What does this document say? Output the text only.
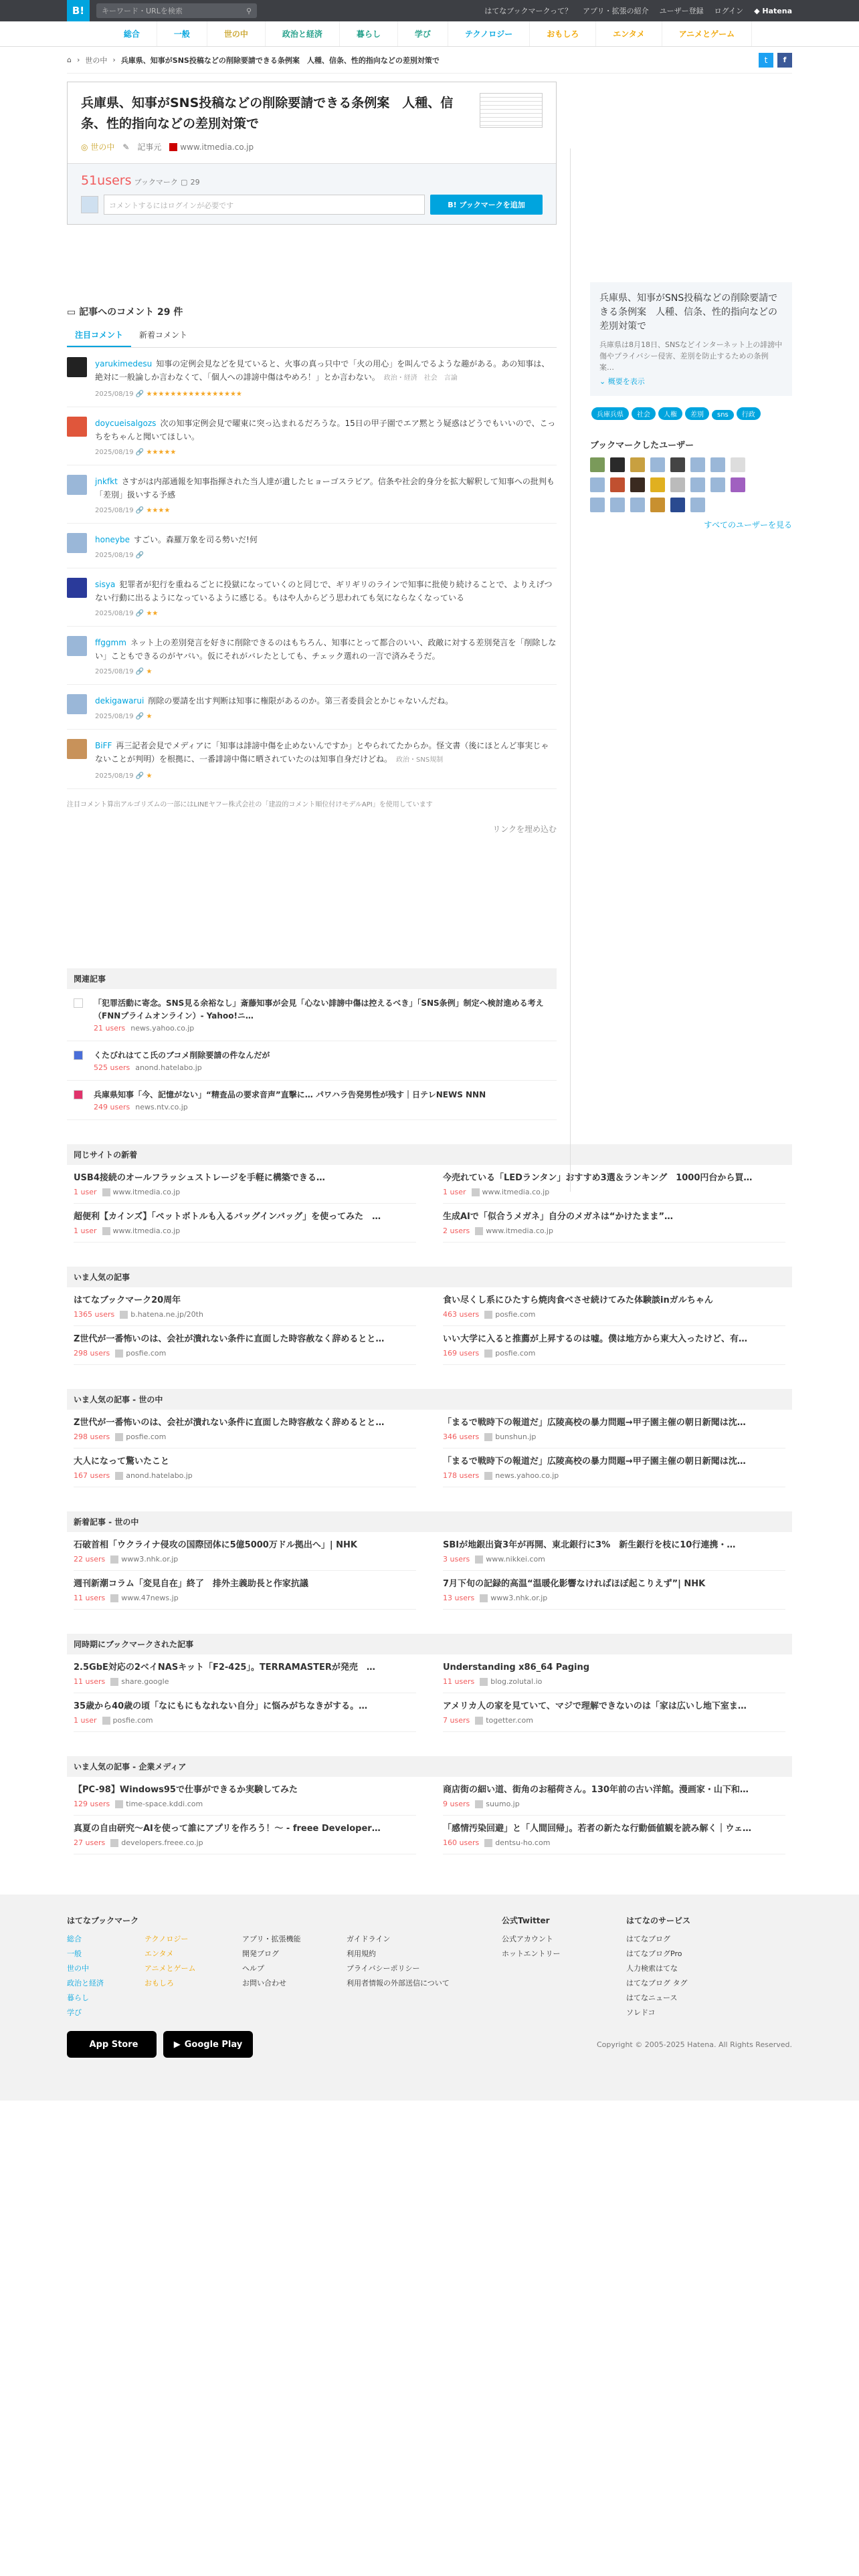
B!	キーワード・URLを検索	⚲	はてなブックマークって？ アプリ・拡張の紹介 ユーザー登録 ログイン ◆ Hatena
総合	一般	世の中	政治と経済	暮らし	学び	テクノロジー	おもしろ	エンタメ	アニメとゲーム
⌂ › 世の中 › 兵庫県、知事がSNS投稿などの削除要請できる条例案　人種、信条、性的指向などの差別対策で	t	f
兵庫県、知事がSNS投稿などの削除要請できる条例案　人種、信条、性的指向などの差別対策で
◎ 世の中 ✎ 記事元	www.itmedia.co.jp
51users ブックマーク ▢ 29
コメントするにはログインが必要です	B! ブックマークを追加
▭ 記事へのコメント 29 件
注目コメント	新着コメント
yarukimedesu 知事の定例会見などを見ていると、火事の真っ只中で「火の用心」を叫んでるような趣がある。あの知事は、絶対に一般論しか言わなくて、「個人への誹謗中傷はやめろ！」とか言わない。 政治・経済　社会　言論
2025/08/19 🔗 ★★★★★★★★★★★★★★★★
doycueisalgozs 次の知事定例会見で曜東に突っ込まれるだろうな。15日の甲子園でエア黙とう疑惑はどうでもいいので、こっちをちゃんと聞いてほしい。
2025/08/19 🔗 ★★★★★
jnkfkt さすがは内部通報を知事指揮された当人達が遺したヒョーゴスラビア。信条や社会的身分を拡大解釈して知事への批判も「差別」扱いする予感
2025/08/19 🔗 ★★★★
honeybe すごい。森羅万象を司る勢いだ!何
2025/08/19 🔗
sisya 犯罪者が犯行を重ねるごとに投獄になっていくのと同じで、ギリギリのラインで知事に批使り続けることで、よりえげつない行動に出るようになっているように感じる。もはや人からどう思われても気にならなくなっている
2025/08/19 🔗 ★★
ffggmm ネット上の差別発言を好きに削除できるのはもちろん、知事にとって都合のいい、政敵に対する差別発言を「削除しない」こともできるのがヤバい。仮にそれがバレたとしても、チェック選れの一言で済みそうだ。
2025/08/19 🔗 ★
dekigawarui 削除の要請を出す判断は知事に権限があるのか。第三者委員会とかじゃないんだね。
2025/08/19 🔗 ★
BiFF 再三記者会見でメディアに「知事は誹謗中傷を止めないんですか」とやられてたからか。怪文書（後にほとんど事実じゃないことが判明）を根拠に、一番誹謗中傷に晒されていたのは知事自身だけどね。 政治・SNS規制
2025/08/19 🔗 ★
注目コメント算出アルゴリズムの一部にはLINEヤフー株式会社の「建設的コメント順位付けモデルAPI」を使用しています
リンクを埋め込む
関連記事
「犯罪活動に寄念。SNS見る余裕なし」斎藤知事が会見「心ない誹謗中傷は控えるべき」「SNS条例」制定へ検討進める考え（FNNプライムオンライン）- Yahoo!ニ…
21 users news.yahoo.co.jp
くたびれはてこ氏のブコメ削除要請の件なんだが
525 users anond.hatelabo.jp
兵庫県知事「今、記憶がない」“精査品の要求音声”直撃に… パワハラ告発男性が残す｜日テレNEWS NNN
249 users news.ntv.co.jp
兵庫県、知事がSNS投稿などの削除要請できる条例案　人種、信条、性的指向などの差別対策で
兵庫県は8月18日、SNSなどインターネット上の誹謗中傷やプライバシー侵害、差別を防止するための条例案…
⌄ 概要を表示
兵庫兵県 社会 人権 差別 sns 行政
ブックマークしたユーザー
すべてのユーザーを見る
同じサイトの新着
USB4接続のオールフラッシュストレージを手軽に構築できる…
1 user www.itmedia.co.jp
今売れている「LEDランタン」おすすめ3選＆ランキング　1000円台から買…
1 user www.itmedia.co.jp
超便利【カインズ】「ペットボトルも入るバッグインバッグ」を使ってみた　…
1 user www.itmedia.co.jp
生成AIで「似合うメガネ」自分のメガネは“かけたまま”…
2 users www.itmedia.co.jp
いま人気の記事
はてなブックマーク20周年
1365 users b.hatena.ne.jp/20th
食い尽くし系にひたすら焼肉食べさせ続けてみた体験談inガルちゃん
463 users posfie.com
Z世代が一番怖いのは、会社が潰れない条件に直面した時容赦なく辞めるとと…
298 users posfie.com
いい大学に入ると推薦が上昇するのは嘘。僕は地方から東大入ったけど、有…
169 users posfie.com
いま人気の記事 - 世の中
Z世代が一番怖いのは、会社が潰れない条件に直面した時容赦なく辞めるとと…
298 users posfie.com
「まるで戦時下の報道だ」広陵高校の暴力問題→甲子園主催の朝日新聞は沈…
346 users bunshun.jp
大人になって驚いたこと
167 users anond.hatelabo.jp
「まるで戦時下の報道だ」広陵高校の暴力問題→甲子園主催の朝日新聞は沈…
178 users news.yahoo.co.jp
新着記事 - 世の中
石破首相「ウクライナ侵攻の国際団体に5億5000万ドル拠出へ」| NHK
22 users www3.nhk.or.jp
SBIが地銀出資3年が再開、東北銀行に3%　新生銀行を枝に10行連携・…
3 users www.nikkei.com
週刊新潮コラム「変見自在」終了　排外主義助長と作家抗議
11 users www.47news.jp
7月下旬の記録的高温“温暖化影響なければほぼ起こりえず”| NHK
13 users www3.nhk.or.jp
同時期にブックマークされた記事
2.5GbE対応の2ベイNASキット「F2-425」。TERRAMASTERが発売　…
11 users share.google
Understanding x86_64 Paging
11 users blog.zolutal.io
35歳から40歳の頃「なにもにもなれない自分」に悩みがちなきがする。…
1 user posfie.com
アメリカ人の家を見ていて、マジで理解できないのは「家は広いし地下室ま…
7 users togetter.com
いま人気の記事 - 企業メディア
【PC-98】Windows95で仕事ができるか実験してみた
129 users time-space.kddi.com
商店街の細い道、街角のお稲荷さん。130年前の古い洋館。漫画家・山下和…
9 users suumo.jp
真夏の自由研究〜AIを使って誰にアプリを作ろう！〜 - freee Developer…
27 users developers.freee.co.jp
「感情汚染回避」と「人間回帰」。若者の新たな行動価値観を読み解く｜ウェ…
160 users dentsu-ho.com
はてなブックマーク
総合
一般
世の中
政治と経済
暮らし
学び
テクノロジー
エンタメ
アニメとゲーム
おもしろ
アプリ・拡張機能
開発ブログ
ヘルプ
お問い合わせ
ガイドライン
利用規約
プライバシーポリシー
利用者情報の外部送信について
公式Twitter
公式アカウント
ホットエントリー
はてなのサービス
はてなブログ
はてなブログPro
人力検索はてな
はてなブログ タグ
はてなニュース
ソレドコ
App Store	▶ Google Play	Copyright © 2005-2025 Hatena. All Rights Reserved.
